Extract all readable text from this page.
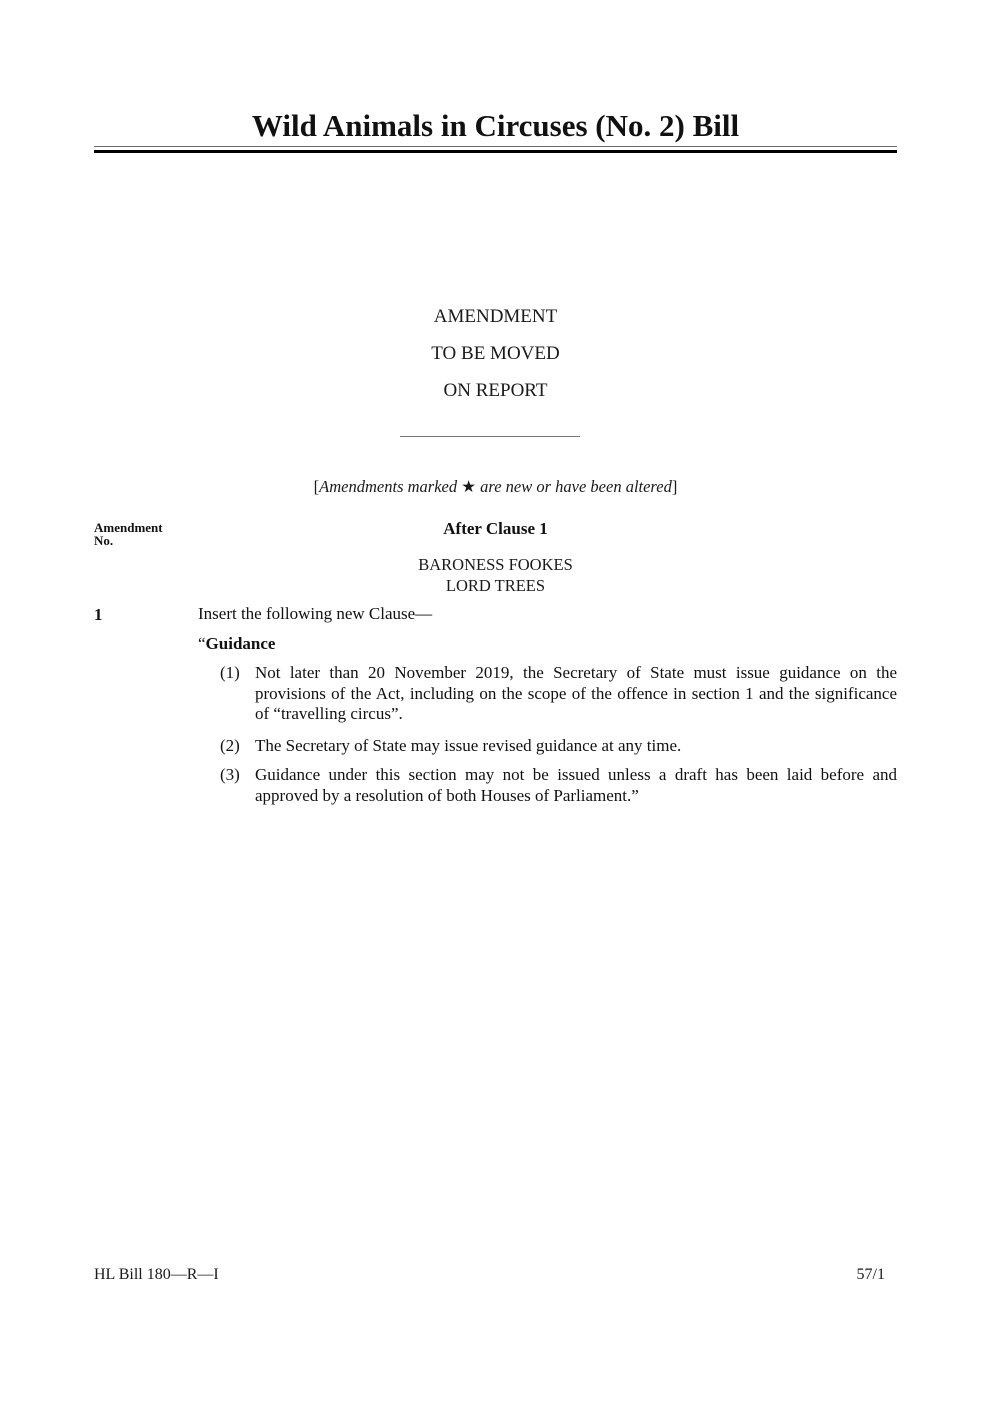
Wild Animals in Circuses (No. 2) Bill
AMENDMENT
TO BE MOVED
ON REPORT
[Amendments marked ★ are new or have been altered]
Amendment
No.
After Clause 1
BARONESS FOOKES
LORD TREES
1	Insert the following new Clause—
“Guidance
(1) Not later than 20 November 2019, the Secretary of State must issue guidance on the provisions of the Act, including on the scope of the offence in section 1 and the significance of “travelling circus”.
(2) The Secretary of State may issue revised guidance at any time.
(3) Guidance under this section may not be issued unless a draft has been laid before and approved by a resolution of both Houses of Parliament.”
HL Bill 180—R—I	57/1
